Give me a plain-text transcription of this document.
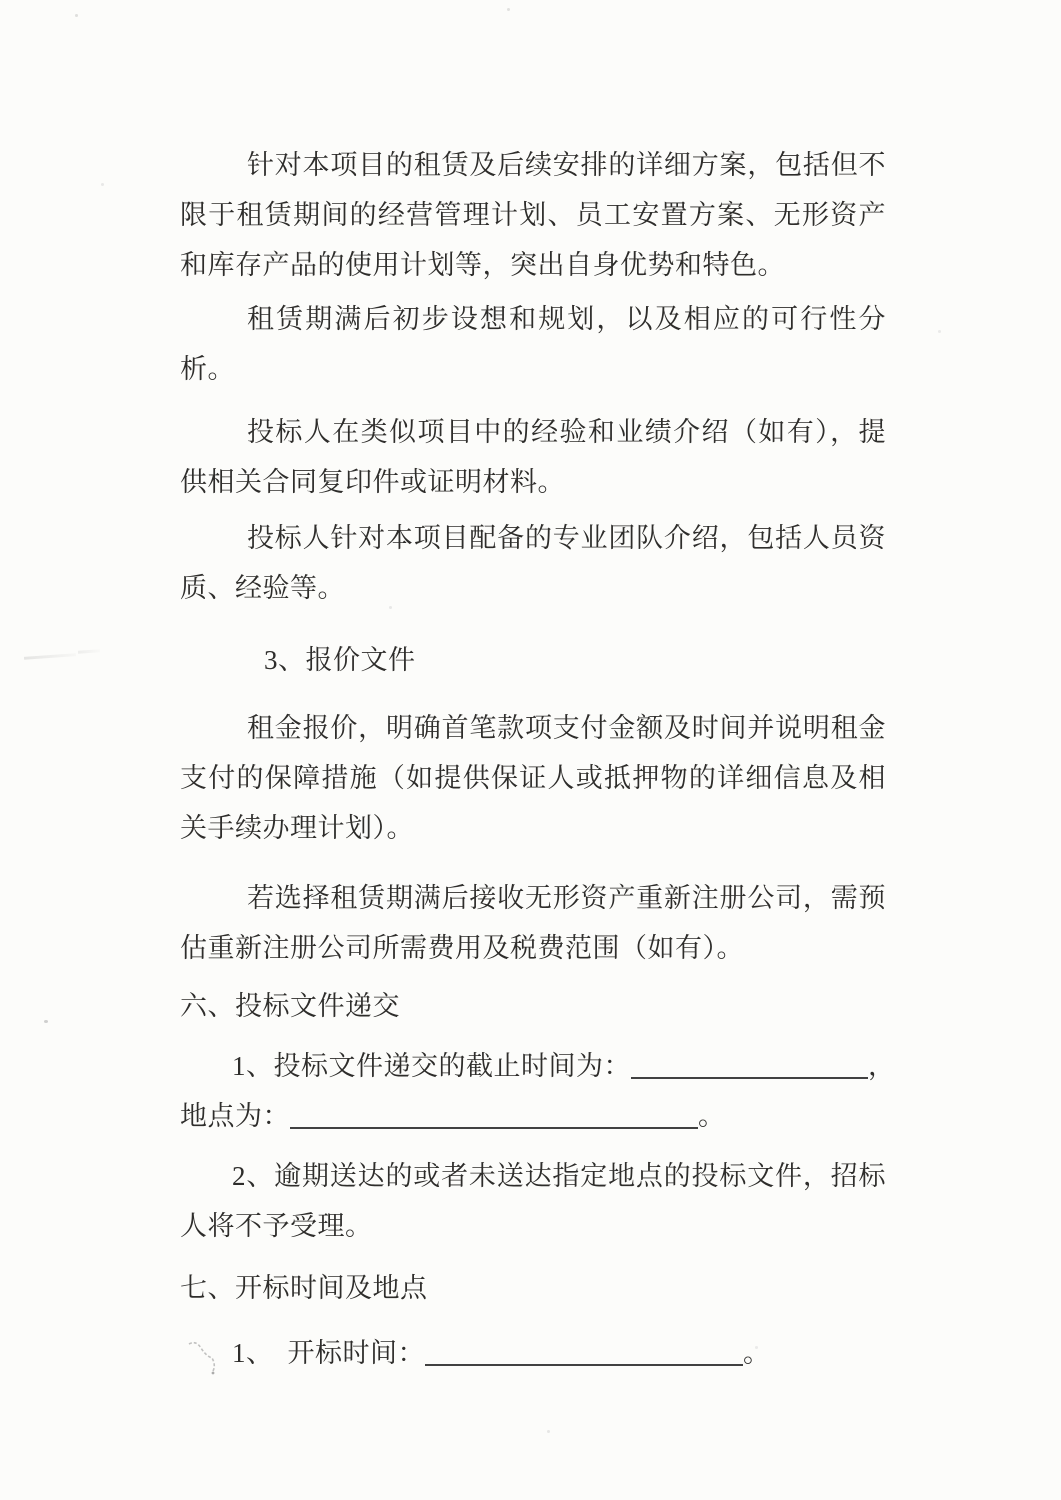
针对本项目的租赁及后续安排的详细方案，包括但不限于租赁期间的经营管理计划、员工安置方案、无形资产和库存产品的使用计划等，突出自身优势和特色。

租赁期满后初步设想和规划，以及相应的可行性分析。

投标人在类似项目中的经验和业绩介绍（如有），提供相关合同复印件或证明材料。

投标人针对本项目配备的专业团队介绍，包括人员资质、经验等。

3、报价文件

租金报价，明确首笔款项支付金额及时间并说明租金支付的保障措施（如提供保证人或抵押物的详细信息及相关手续办理计划）。

若选择租赁期满后接收无形资产重新注册公司，需预估重新注册公司所需费用及税费范围（如有）。

六、投标文件递交

1、投标文件递交的截止时间为：	，
地点为：	。

2、逾期送达的或者未送达指定地点的投标文件，招标人将不予受理。

七、开标时间及地点

1、　开标时间：	。
